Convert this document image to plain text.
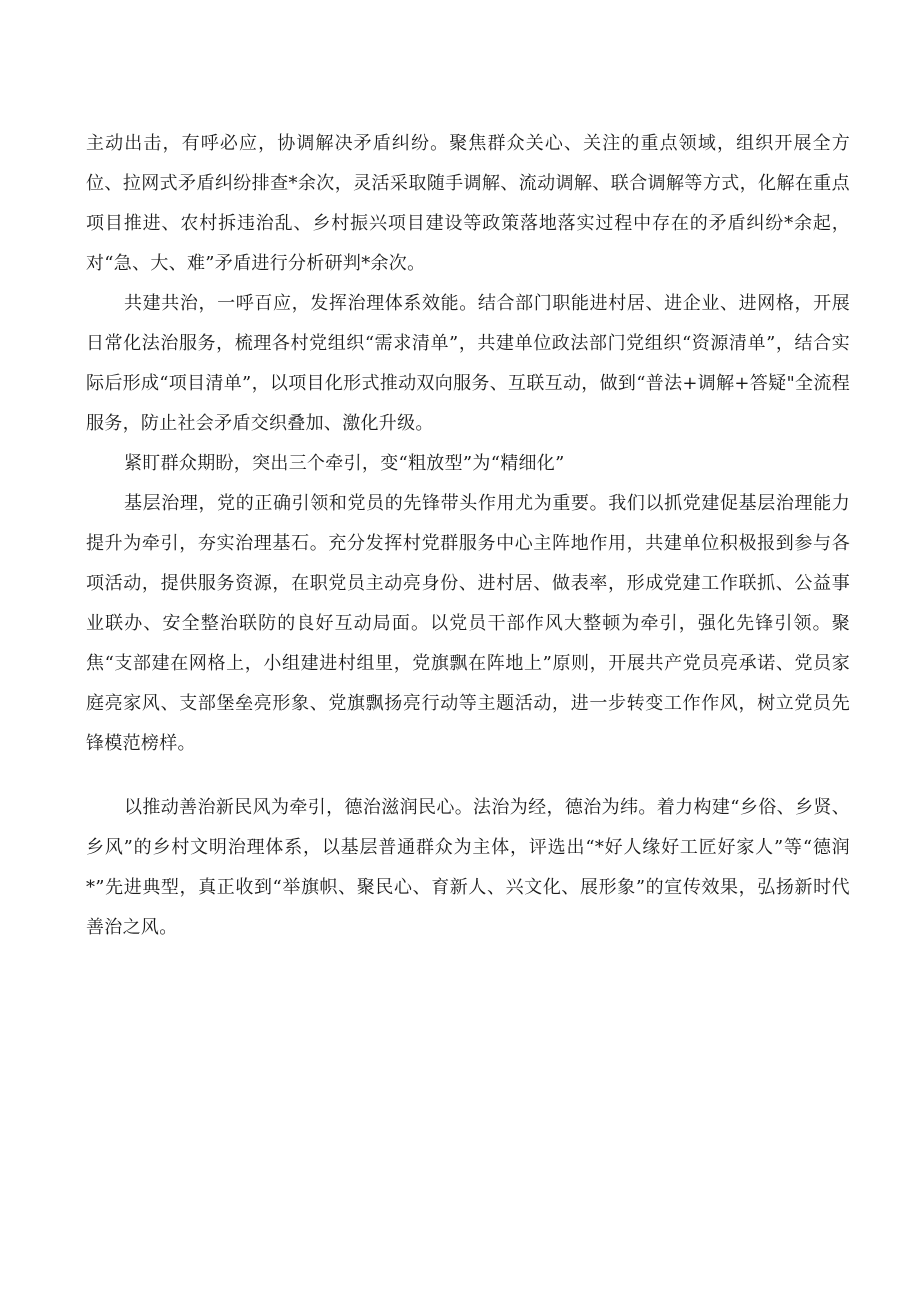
主动出击，有呼必应，协调解决矛盾纠纷。聚焦群众关心、关注的重点领域，组织开展全方位、拉网式矛盾纠纷排查*余次，灵活采取随手调解、流动调解、联合调解等方式，化解在重点项目推进、农村拆违治乱、乡村振兴项目建设等政策落地落实过程中存在的矛盾纠纷*余起，对“急、大、难”矛盾进行分析研判*余次。

共建共治，一呼百应，发挥治理体系效能。结合部门职能进村居、进企业、进网格，开展日常化法治服务，梳理各村党组织“需求清单”，共建单位政法部门党组织“资源清单”，结合实际后形成“项目清单”，以项目化形式推动双向服务、互联互动，做到“普法+调解+答疑"全流程服务，防止社会矛盾交织叠加、激化升级。

紧盯群众期盼，突出三个牵引，变“粗放型”为“精细化”

基层治理，党的正确引领和党员的先锋带头作用尤为重要。我们以抓党建促基层治理能力提升为牵引，夯实治理基石。充分发挥村党群服务中心主阵地作用，共建单位积极报到参与各项活动，提供服务资源，在职党员主动亮身份、进村居、做表率，形成党建工作联抓、公益事业联办、安全整治联防的良好互动局面。以党员干部作风大整顿为牵引，强化先锋引领。聚焦“支部建在网格上，小组建进村组里，党旗飘在阵地上”原则，开展共产党员亮承诺、党员家庭亮家风、支部堡垒亮形象、党旗飘扬亮行动等主题活动，进一步转变工作作风，树立党员先锋模范榜样。

以推动善治新民风为牵引，德治滋润民心。法治为经，德治为纬。着力构建“乡俗、乡贤、乡风”的乡村文明治理体系，以基层普通群众为主体，评选出“*好人缘好工匠好家人”等“德润*”先进典型，真正收到“举旗帜、聚民心、育新人、兴文化、展形象”的宣传效果，弘扬新时代善治之风。
